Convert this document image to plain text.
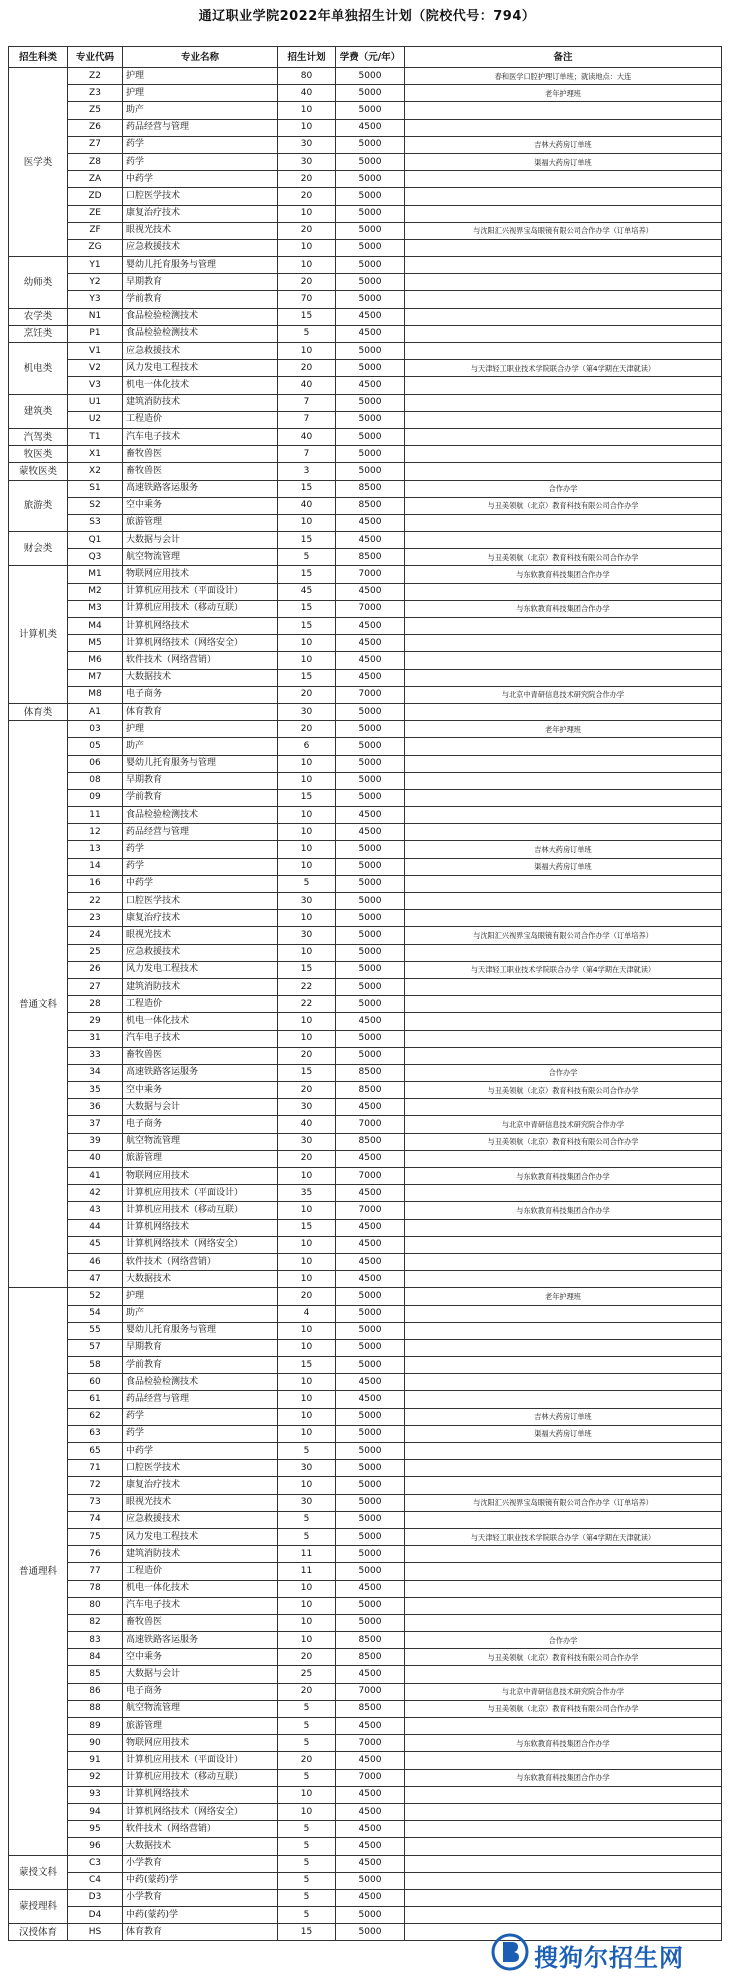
通辽职业学院2022年单独招生计划（院校代号：794）
招生科类	专业代码	专业名称	招生计划	学费（元/年）	备注
医学类	Z2	护理	80	5000	春和医学口腔护理订单班；就读地点：大连
	Z3	护理	40	5000	老年护理班
	Z5	助产	10	5000	
	Z6	药品经营与管理	10	4500	
	Z7	药学	30	5000	吉林大药房订单班
	Z8	药学	30	5000	渠福大药房订单班
	ZA	中药学	20	5000	
	ZD	口腔医学技术	20	5000	
	ZE	康复治疗技术	10	5000	
	ZF	眼视光技术	20	5000	与沈阳汇兴视界宝岛眼镜有限公司合作办学（订单培养）
	ZG	应急救援技术	10	5000	
幼师类	Y1	婴幼儿托育服务与管理	10	5000	
	Y2	早期教育	20	5000	
	Y3	学前教育	70	5000	
农学类	N1	食品检验检测技术	15	4500	
烹饪类	P1	食品检验检测技术	5	4500	
机电类	V1	应急救援技术	10	5000	
	V2	风力发电工程技术	20	5000	与天津轻工职业技术学院联合办学（第4学期在天津就读）
	V3	机电一体化技术	40	4500	
建筑类	U1	建筑消防技术	7	5000	
	U2	工程造价	7	5000	
汽驾类	T1	汽车电子技术	40	5000	
牧医类	X1	畜牧兽医	7	5000	
蒙牧医类	X2	畜牧兽医	3	5000	
旅游类	S1	高速铁路客运服务	15	8500	合作办学
	S2	空中乘务	40	8500	与丑美领航（北京）教育科技有限公司合作办学
	S3	旅游管理	10	4500	
财会类	Q1	大数据与会计	15	4500	
	Q3	航空物流管理	5	8500	与丑美领航（北京）教育科技有限公司合作办学
计算机类	M1	物联网应用技术	15	7000	与东软教育科技集团合作办学
	M2	计算机应用技术（平面设计）	45	4500	
	M3	计算机应用技术（移动互联）	15	7000	与东软教育科技集团合作办学
	M4	计算机网络技术	15	4500	
	M5	计算机网络技术（网络安全）	10	4500	
	M6	软件技术（网络营销）	10	4500	
	M7	大数据技术	15	4500	
	M8	电子商务	20	7000	与北京中青研信息技术研究院合作办学
体育类	A1	体育教育	30	5000	
普通文科	03	护理	20	5000	老年护理班
	05	助产	6	5000	
	06	婴幼儿托育服务与管理	10	5000	
	08	早期教育	10	5000	
	09	学前教育	15	5000	
	11	食品检验检测技术	10	4500	
	12	药品经营与管理	10	4500	
	13	药学	10	5000	吉林大药房订单班
	14	药学	10	5000	渠福大药房订单班
	16	中药学	5	5000	
	22	口腔医学技术	30	5000	
	23	康复治疗技术	10	5000	
	24	眼视光技术	30	5000	与沈阳汇兴视界宝岛眼镜有限公司合作办学（订单培养）
	25	应急救援技术	10	5000	
	26	风力发电工程技术	15	5000	与天津轻工职业技术学院联合办学（第4学期在天津就读）
	27	建筑消防技术	22	5000	
	28	工程造价	22	5000	
	29	机电一体化技术	10	4500	
	31	汽车电子技术	10	5000	
	33	畜牧兽医	20	5000	
	34	高速铁路客运服务	15	8500	合作办学
	35	空中乘务	20	8500	与丑美领航（北京）教育科技有限公司合作办学
	36	大数据与会计	30	4500	
	37	电子商务	40	7000	与北京中青研信息技术研究院合作办学
	39	航空物流管理	30	8500	与丑美领航（北京）教育科技有限公司合作办学
	40	旅游管理	20	4500	
	41	物联网应用技术	10	7000	与东软教育科技集团合作办学
	42	计算机应用技术（平面设计）	35	4500	
	43	计算机应用技术（移动互联）	10	7000	与东软教育科技集团合作办学
	44	计算机网络技术	15	4500	
	45	计算机网络技术（网络安全）	10	4500	
	46	软件技术（网络营销）	10	4500	
	47	大数据技术	10	4500	
普通理科	52	护理	20	5000	老年护理班
	54	助产	4	5000	
	55	婴幼儿托育服务与管理	10	5000	
	57	早期教育	10	5000	
	58	学前教育	15	5000	
	60	食品检验检测技术	10	4500	
	61	药品经营与管理	10	4500	
	62	药学	10	5000	吉林大药房订单班
	63	药学	10	5000	渠福大药房订单班
	65	中药学	5	5000	
	71	口腔医学技术	30	5000	
	72	康复治疗技术	10	5000	
	73	眼视光技术	30	5000	与沈阳汇兴视界宝岛眼镜有限公司合作办学（订单培养）
	74	应急救援技术	5	5000	
	75	风力发电工程技术	5	5000	与天津轻工职业技术学院联合办学（第4学期在天津就读）
	76	建筑消防技术	11	5000	
	77	工程造价	11	5000	
	78	机电一体化技术	10	4500	
	80	汽车电子技术	10	5000	
	82	畜牧兽医	10	5000	
	83	高速铁路客运服务	10	8500	合作办学
	84	空中乘务	20	8500	与丑美领航（北京）教育科技有限公司合作办学
	85	大数据与会计	25	4500	
	86	电子商务	20	7000	与北京中青研信息技术研究院合作办学
	88	航空物流管理	5	8500	与丑美领航（北京）教育科技有限公司合作办学
	89	旅游管理	5	4500	
	90	物联网应用技术	5	7000	与东软教育科技集团合作办学
	91	计算机应用技术（平面设计）	20	4500	
	92	计算机应用技术（移动互联）	5	7000	与东软教育科技集团合作办学
	93	计算机网络技术	10	4500	
	94	计算机网络技术（网络安全）	10	4500	
	95	软件技术（网络营销）	5	4500	
	96	大数据技术	5	4500	
蒙授文科	C3	小学教育	5	4500	
	C4	中药(蒙药)学	5	5000	
蒙授理科	D3	小学教育	5	4500	
	D4	中药(蒙药)学	5	5000	
汉授体育	HS	体育教育	15	5000	
搜狗尔招生网
